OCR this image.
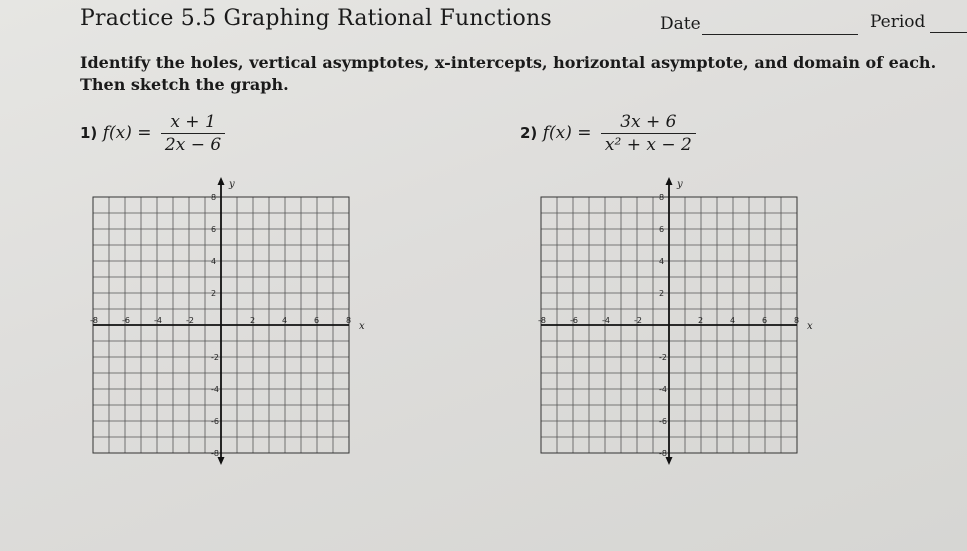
Practice 5.5 Graphing Rational Functions	Date	Period
Identify the holes, vertical asymptotes, x-intercepts, horizontal asymptote, and domain of each.
Then sketch the graph.
1) $f(x) = \frac{x + 1}{2x - 6}$	2) $f(x) = \frac{3x + 6}{\text{x² + x − 2}}$
x
y
-8	-6	-4	-2	2	4	6	8
8
6
4
2
-2
-4
-6
-8
x
y
-8	-6	-4	-2	2	4	6	8
8
6
4
2
-2
-4
-6
-8
